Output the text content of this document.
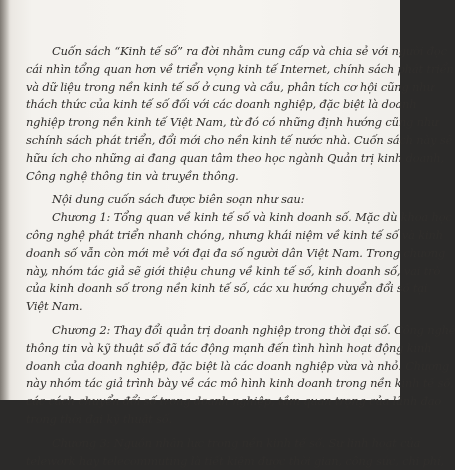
Cuốn sách “Kinh tế số” ra đời nhằm cung cấp và chia sẻ với người đọc
cái nhìn tổng quan hơn về triển vọng kinh tế Internet, chính sách phát triển
và dữ liệu trong nền kinh tế số ở cung và cầu, phân tích cơ hội cũng như
thách thức của kinh tế số đối với các doanh nghiệp, đặc biệt là doanh
nghiệp trong nền kinh tế Việt Nam, từ đó có những định hướng cũng như
schính sách phát triển, đổi mới cho nền kinh tế nước nhà. Cuốn sách này sẽ
hữu ích cho những ai đang quan tâm theo học ngành Quản trị kinh doanh,
Công nghệ thông tin và truyền thông.
Nội dung cuốn sách được biên soạn như sau:
Chương 1: Tổng quan về kinh tế số và kinh doanh số. Mặc dù khoa học
công nghệ phát triển nhanh chóng, nhưng khái niệm về kinh tế số và kinh
doanh số vẫn còn mới mẻ với đại đa số người dân Việt Nam. Trong chương
này, nhóm tác giả sẽ giới thiệu chung về kinh tế số, kinh doanh số, vai trò
của kinh doanh số trong nền kinh tế số, các xu hướng chuyển đổi số tại
Việt Nam.
Chương 2: Thay đổi quản trị doanh nghiệp trong thời đại số. Công nghệ
thông tin và kỹ thuật số đã tác động mạnh đến tình hình hoạt động kinh
doanh của doanh nghiệp, đặc biệt là các doanh nghiệp vừa và nhỏ. Chương
này nhóm tác giả trình bày về các mô hình kinh doanh trong nền kinh tế số,
các cách chuyển đổi số trong doanh nghiệp, tầm quan trọng của lãnh đạo
trong thời đại kỹ thuật số.
Chương 3: Nguồn nhân lực trong nền kinh tế số. Sự linh hoạt của
telework hay telecommuting là tiết kiệm được thời gian, công sức, chi phí,
